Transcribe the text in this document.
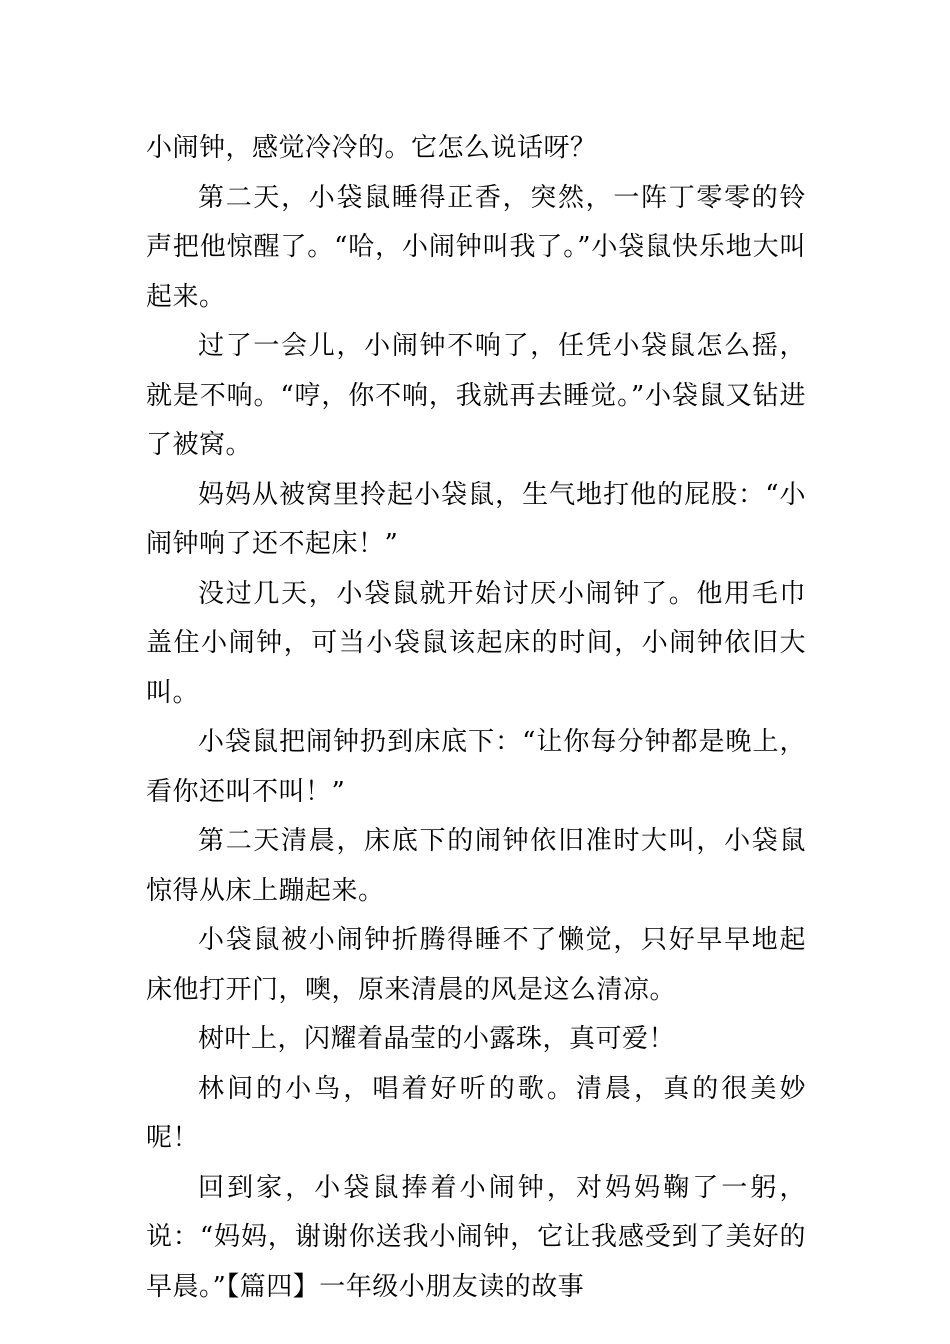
小闹钟，感觉冷冷的。它怎么说话呀？

第二天，小袋鼠睡得正香，突然，一阵丁零零的铃声把他惊醒了。“哈，小闹钟叫我了。”小袋鼠快乐地大叫起来。

过了一会儿，小闹钟不响了，任凭小袋鼠怎么摇，就是不响。“哼，你不响，我就再去睡觉。”小袋鼠又钻进了被窝。

妈妈从被窝里拎起小袋鼠，生气地打他的屁股：“小闹钟响了还不起床！”

没过几天，小袋鼠就开始讨厌小闹钟了。他用毛巾盖住小闹钟，可当小袋鼠该起床的时间，小闹钟依旧大叫。

小袋鼠把闹钟扔到床底下：“让你每分钟都是晚上，看你还叫不叫！”

第二天清晨，床底下的闹钟依旧准时大叫，小袋鼠惊得从床上蹦起来。

小袋鼠被小闹钟折腾得睡不了懒觉，只好早早地起床他打开门，噢，原来清晨的风是这么清凉。

树叶上，闪耀着晶莹的小露珠，真可爱！

林间的小鸟，唱着好听的歌。清晨，真的很美妙呢！

回到家，小袋鼠捧着小闹钟，对妈妈鞠了一躬，说：“妈妈，谢谢你送我小闹钟，它让我感受到了美好的早晨。”【篇四】一年级小朋友读的故事
